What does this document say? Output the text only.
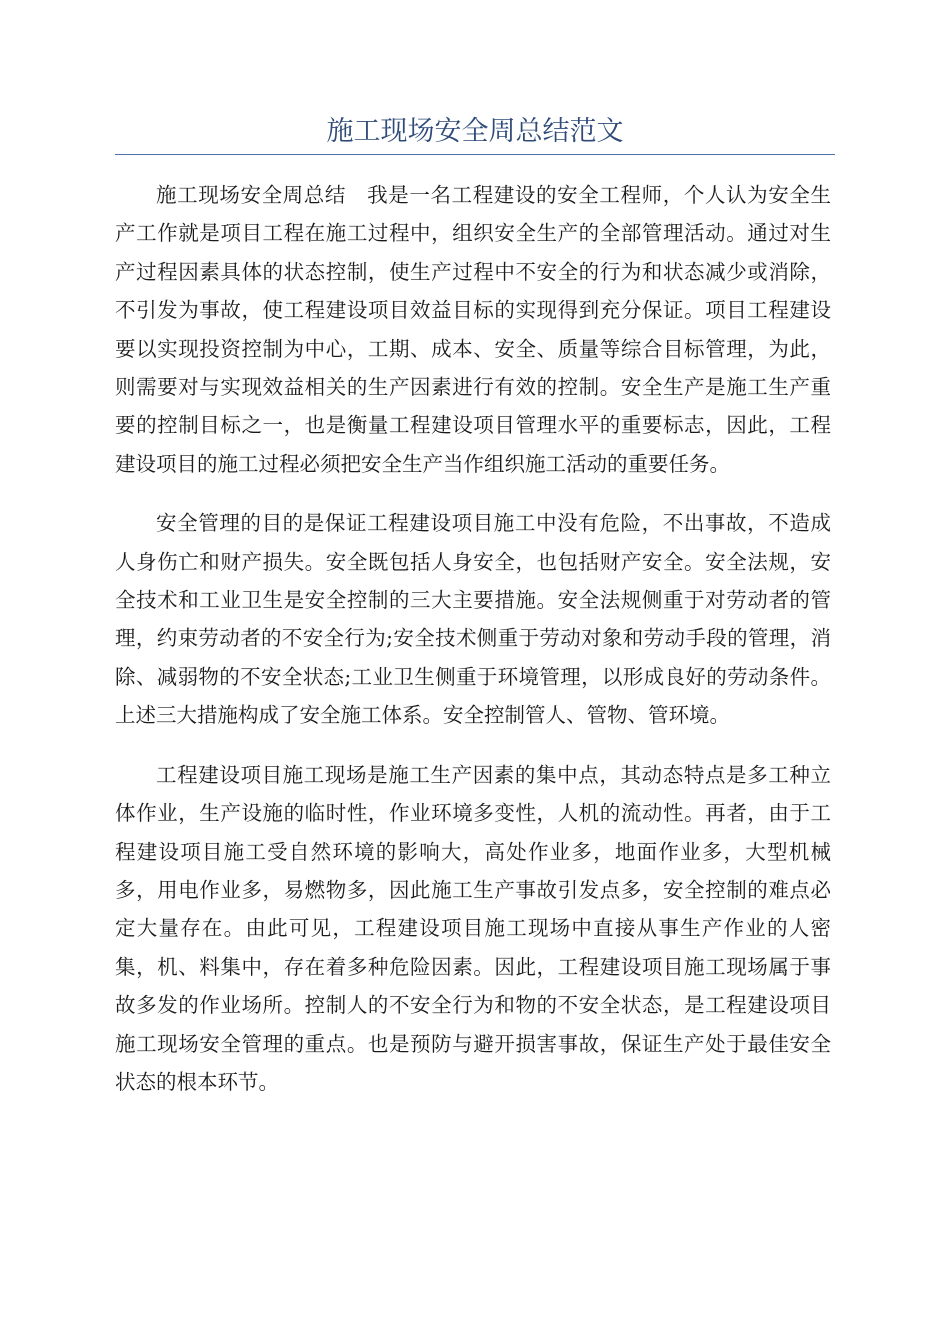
施工现场安全周总结范文

施工现场安全周总结　我是一名工程建设的安全工程师，个人认为安全生产工作就是项目工程在施工过程中，组织安全生产的全部管理活动。通过对生产过程因素具体的状态控制，使生产过程中不安全的行为和状态减少或消除，不引发为事故，使工程建设项目效益目标的实现得到充分保证。项目工程建设要以实现投资控制为中心，工期、成本、安全、质量等综合目标管理，为此，则需要对与实现效益相关的生产因素进行有效的控制。安全生产是施工生产重要的控制目标之一，也是衡量工程建设项目管理水平的重要标志，因此，工程建设项目的施工过程必须把安全生产当作组织施工活动的重要任务。

安全管理的目的是保证工程建设项目施工中没有危险，不出事故，不造成人身伤亡和财产损失。安全既包括人身安全，也包括财产安全。安全法规，安全技术和工业卫生是安全控制的三大主要措施。安全法规侧重于对劳动者的管理，约束劳动者的不安全行为;安全技术侧重于劳动对象和劳动手段的管理，消除、减弱物的不安全状态;工业卫生侧重于环境管理，以形成良好的劳动条件。上述三大措施构成了安全施工体系。安全控制管人、管物、管环境。

工程建设项目施工现场是施工生产因素的集中点，其动态特点是多工种立体作业，生产设施的临时性，作业环境多变性，人机的流动性。再者，由于工程建设项目施工受自然环境的影响大，高处作业多，地面作业多，大型机械多，用电作业多，易燃物多，因此施工生产事故引发点多，安全控制的难点必定大量存在。由此可见，工程建设项目施工现场中直接从事生产作业的人密集，机、料集中，存在着多种危险因素。因此，工程建设项目施工现场属于事故多发的作业场所。控制人的不安全行为和物的不安全状态，是工程建设项目施工现场安全管理的重点。也是预防与避开损害事故，保证生产处于最佳安全状态的根本环节。
